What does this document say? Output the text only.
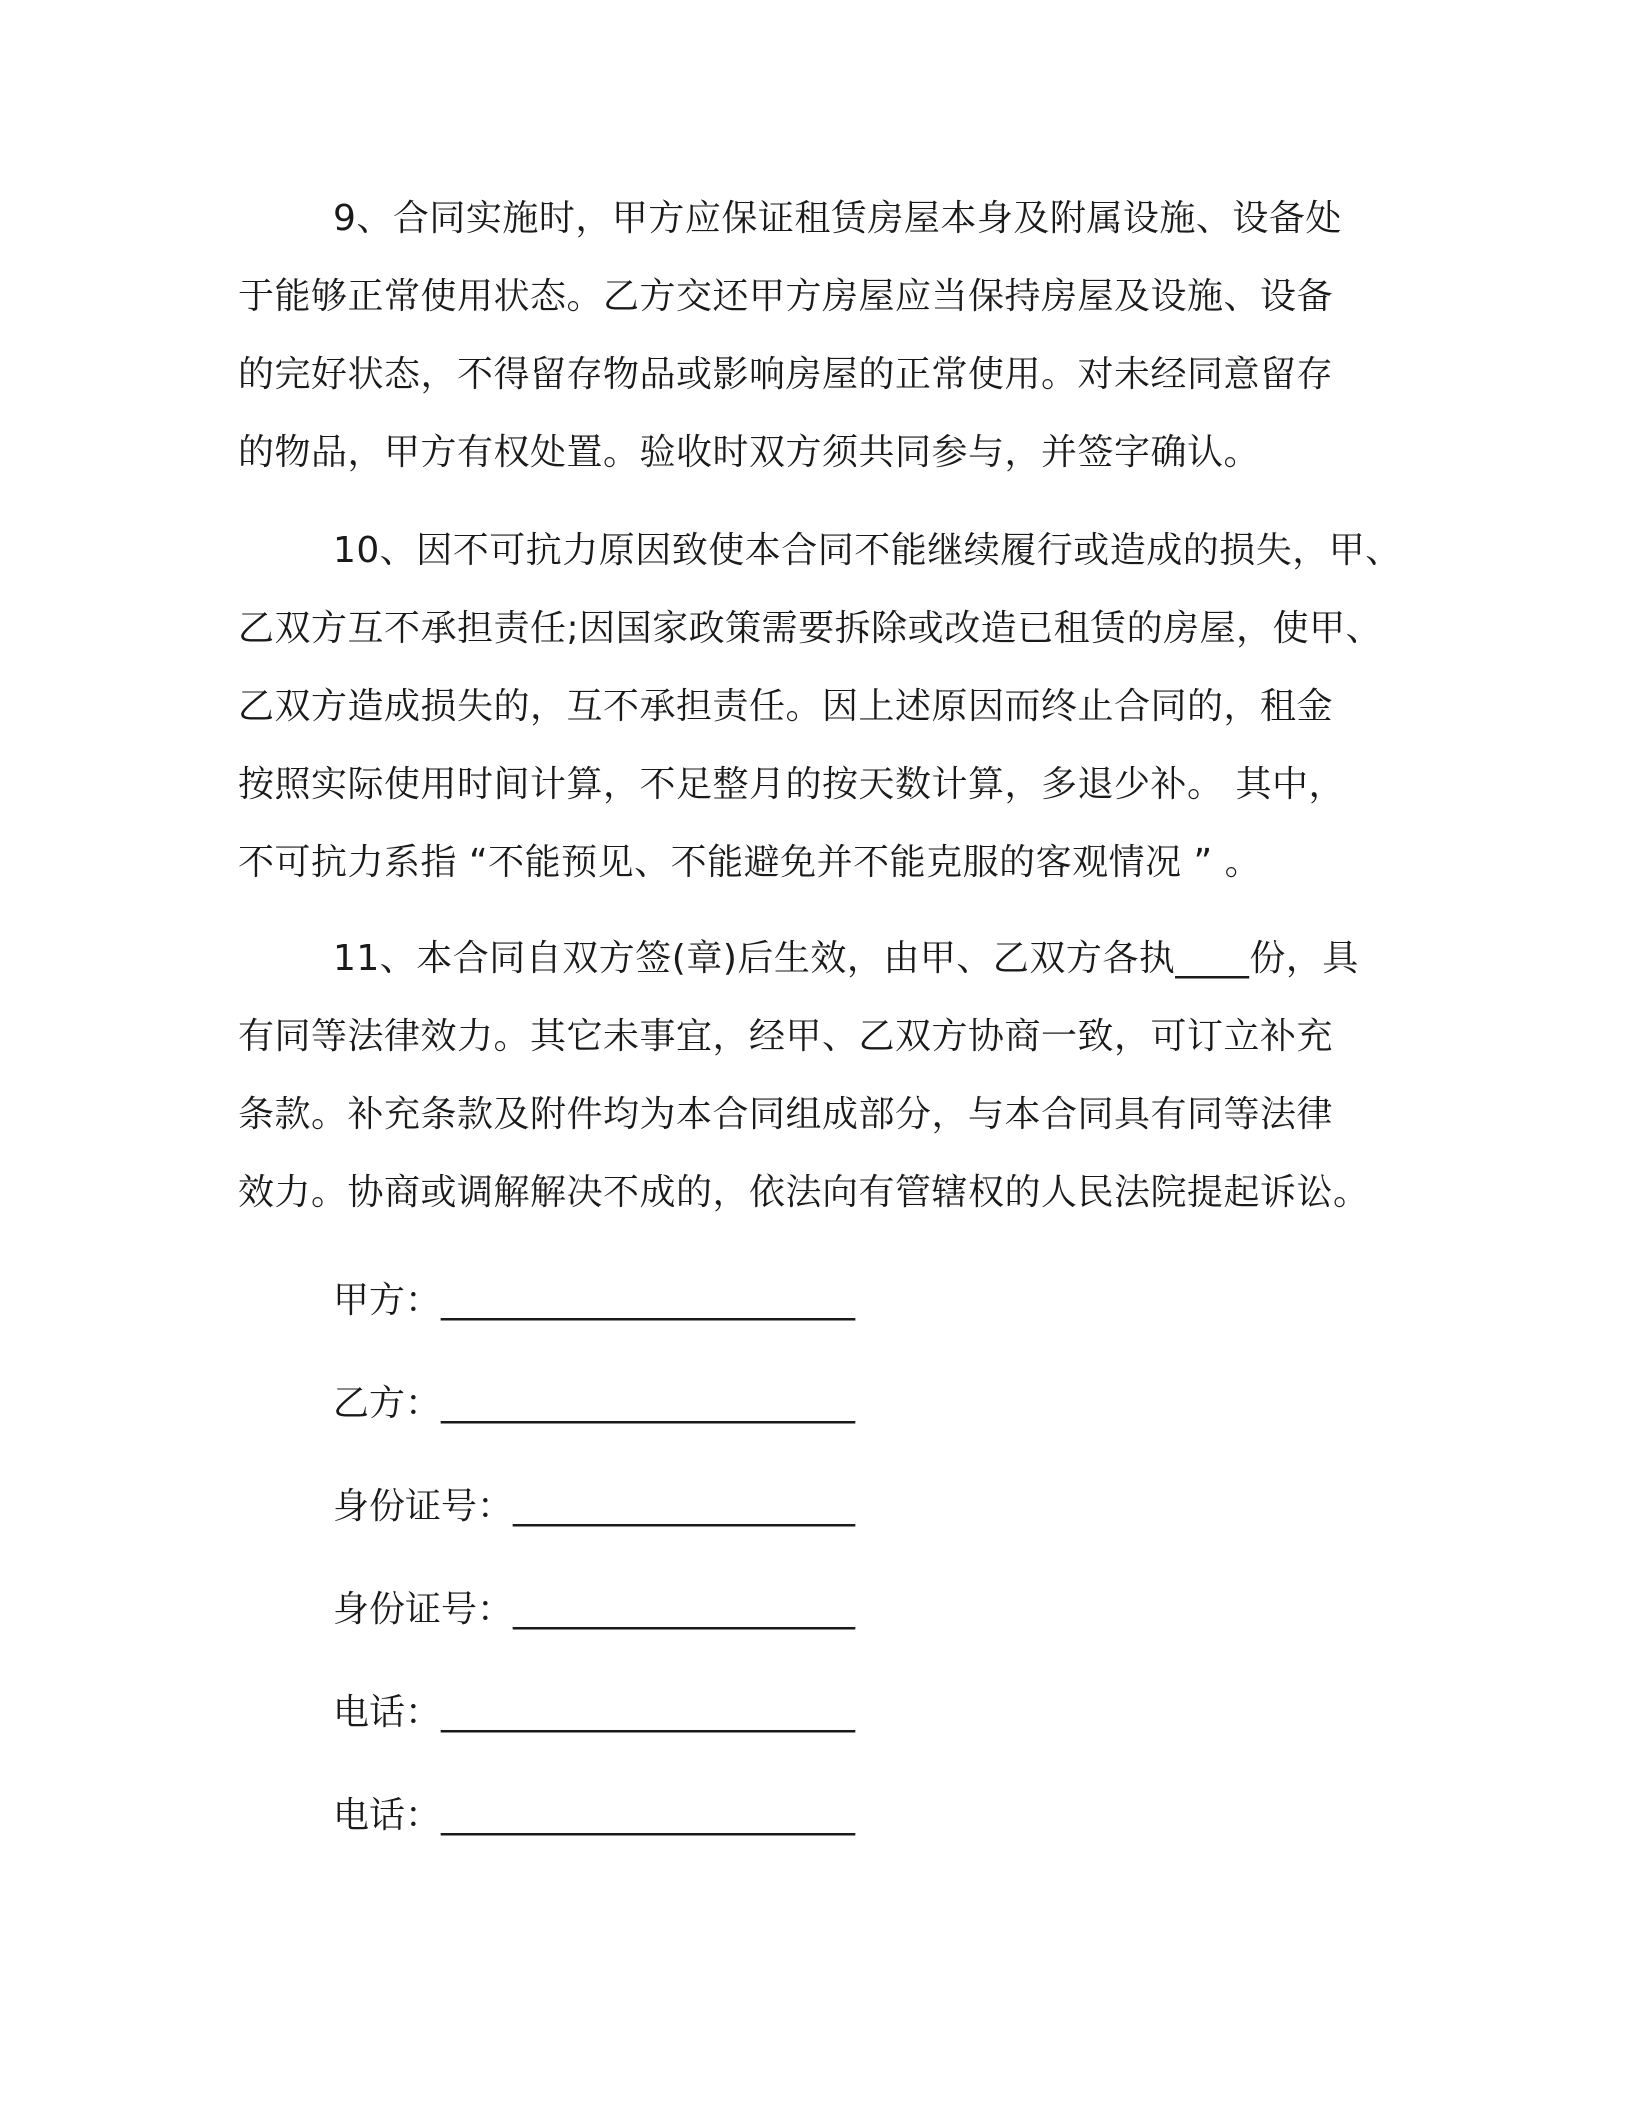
9、合同实施时，甲方应保证租赁房屋本身及附属设施、设备处
于能够正常使用状态。乙方交还甲方房屋应当保持房屋及设施、设备
的完好状态，不得留存物品或影响房屋的正常使用。对未经同意留存
的物品，甲方有权处置。验收时双方须共同参与，并签字确认。
10、因不可抗力原因致使本合同不能继续履行或造成的损失，甲、
乙双方互不承担责任;因国家政策需要拆除或改造已租赁的房屋，使甲、
乙双方造成损失的，互不承担责任。因上述原因而终止合同的，租金
按照实际使用时间计算，不足整月的按天数计算，多退少补。 其中，
不可抗力系指 “不能预见、不能避免并不能克服的客观情况 ” 。
11、本合同自双方签(章)后生效，由甲、乙双方各执____份，具
有同等法律效力。其它未事宜，经甲、乙双方协商一致，可订立补充
条款。补充条款及附件均为本合同组成部分，与本合同具有同等法律
效力。协商或调解解决不成的，依法向有管辖权的人民法院提起诉讼。
甲方：_______________________
乙方：_______________________
身份证号：___________________
身份证号：___________________
电话：_______________________
电话：_______________________
